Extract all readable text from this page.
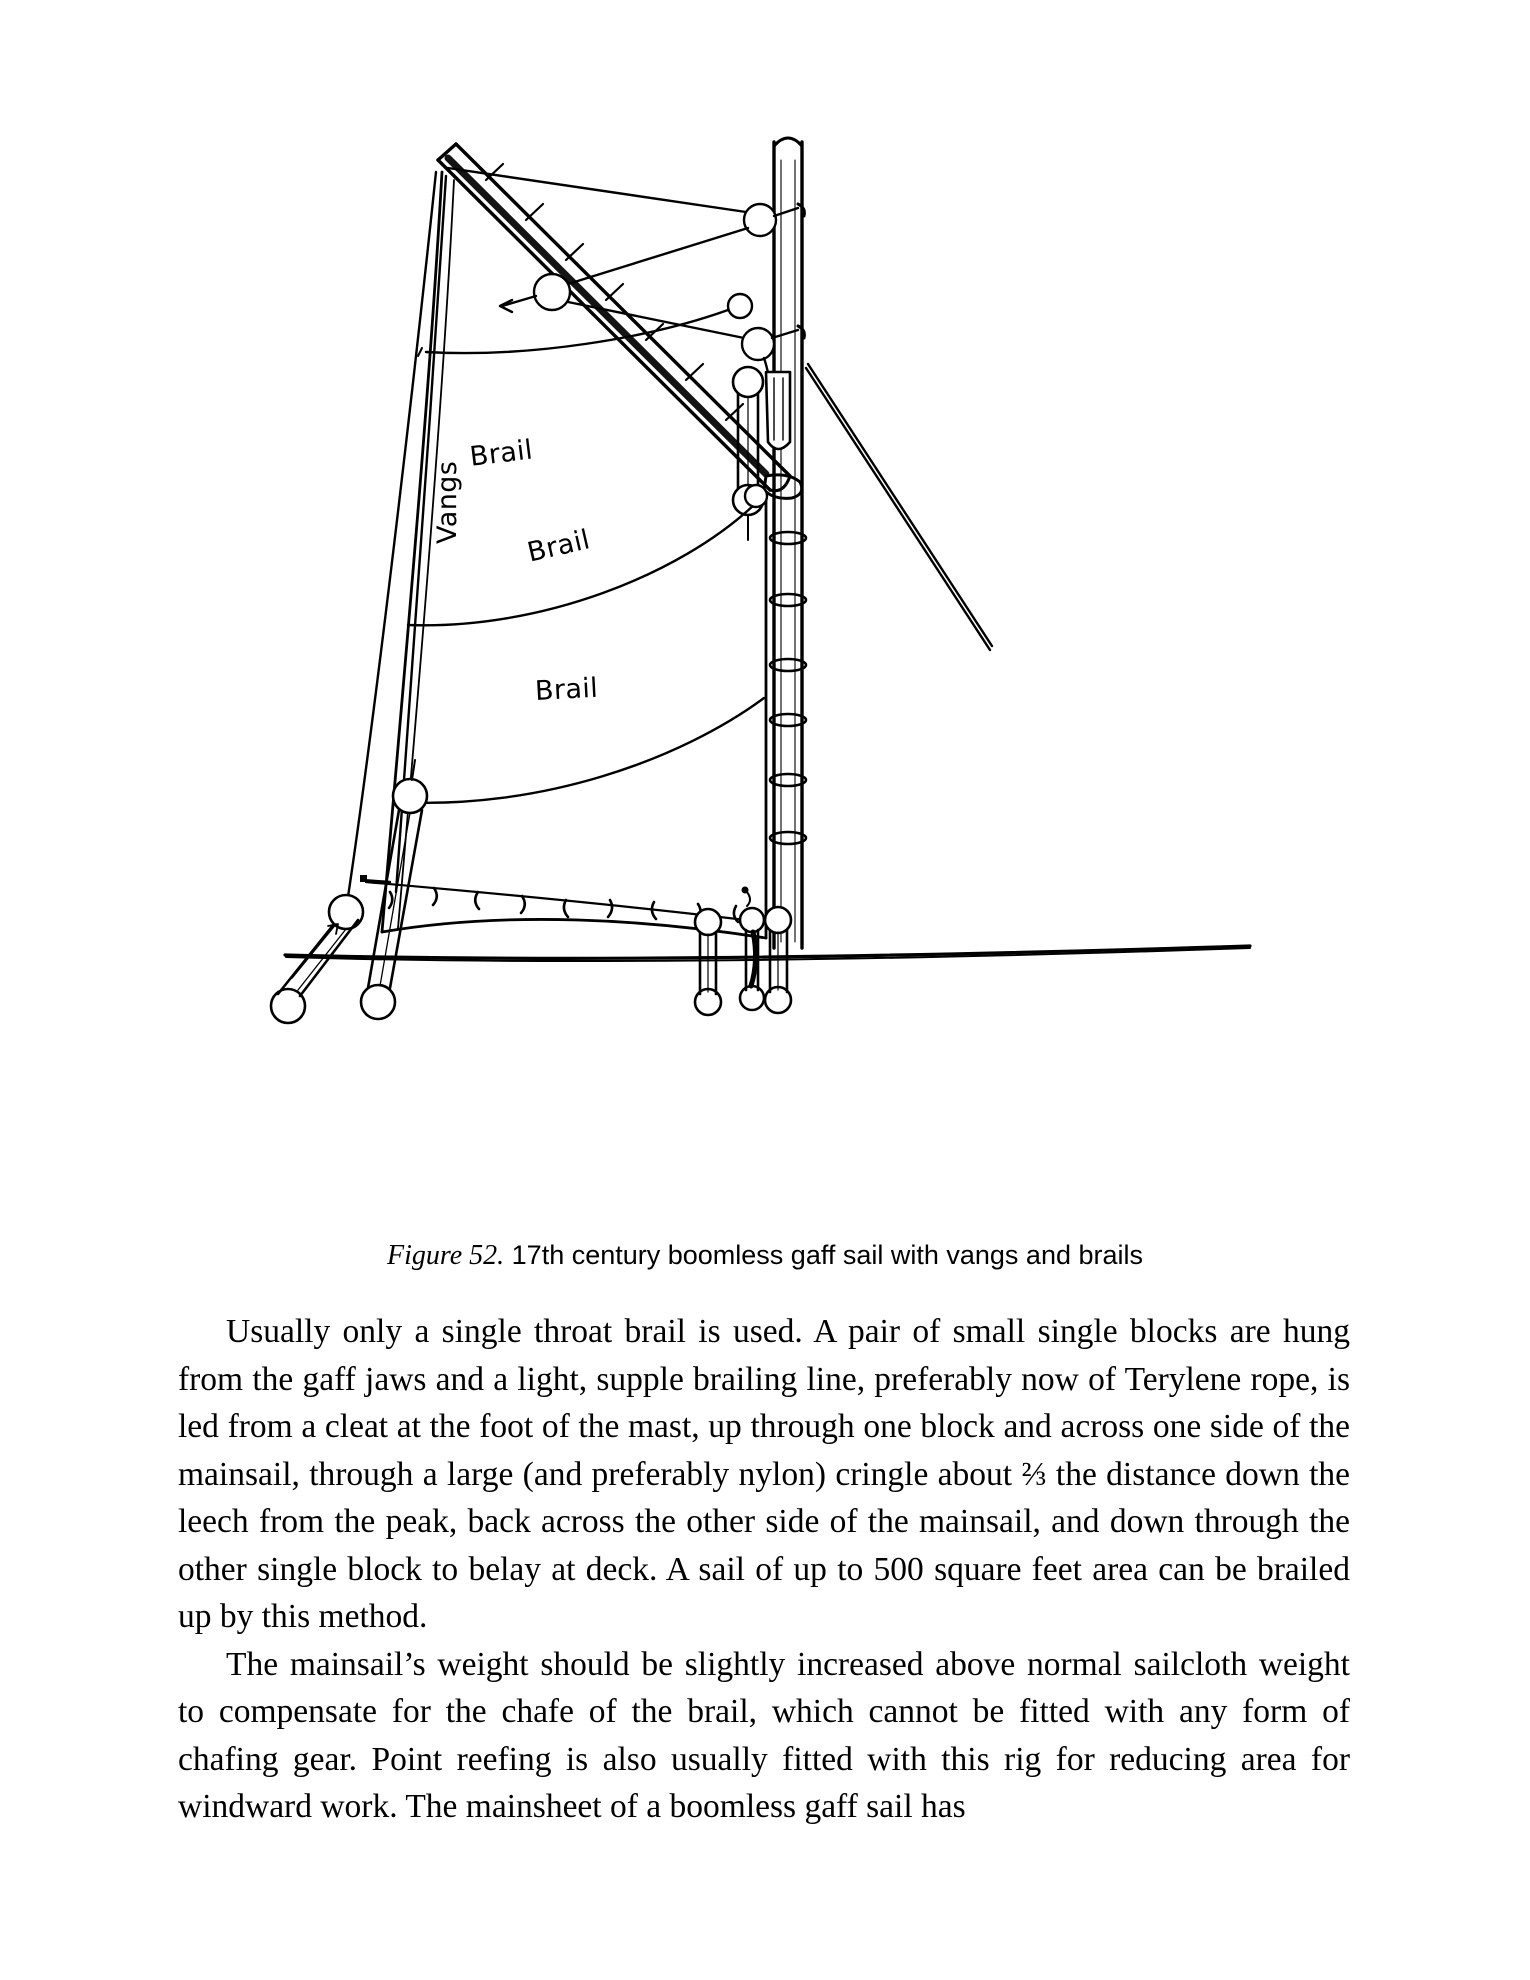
Brail
Vangs
Brail
Brail
Figure 52. 17th century boomless gaff sail with vangs and brails

Usually only a single throat brail is used. A pair of small single blocks are hung from the gaff jaws and a light, supple brailing line, preferably now of Terylene rope, is led from a cleat at the foot of the mast, up through one block and across one side of the mainsail, through a large (and preferably nylon) cringle about ⅔ the distance down the leech from the peak, back across the other side of the mainsail, and down through the other single block to belay at deck. A sail of up to 500 square feet area can be brailed up by this method.

The mainsail’s weight should be slightly increased above normal sailcloth weight to compensate for the chafe of the brail, which cannot be fitted with any form of chafing gear. Point reefing is also usually fitted with this rig for reducing area for windward work. The mainsheet of a boomless gaff sail has
